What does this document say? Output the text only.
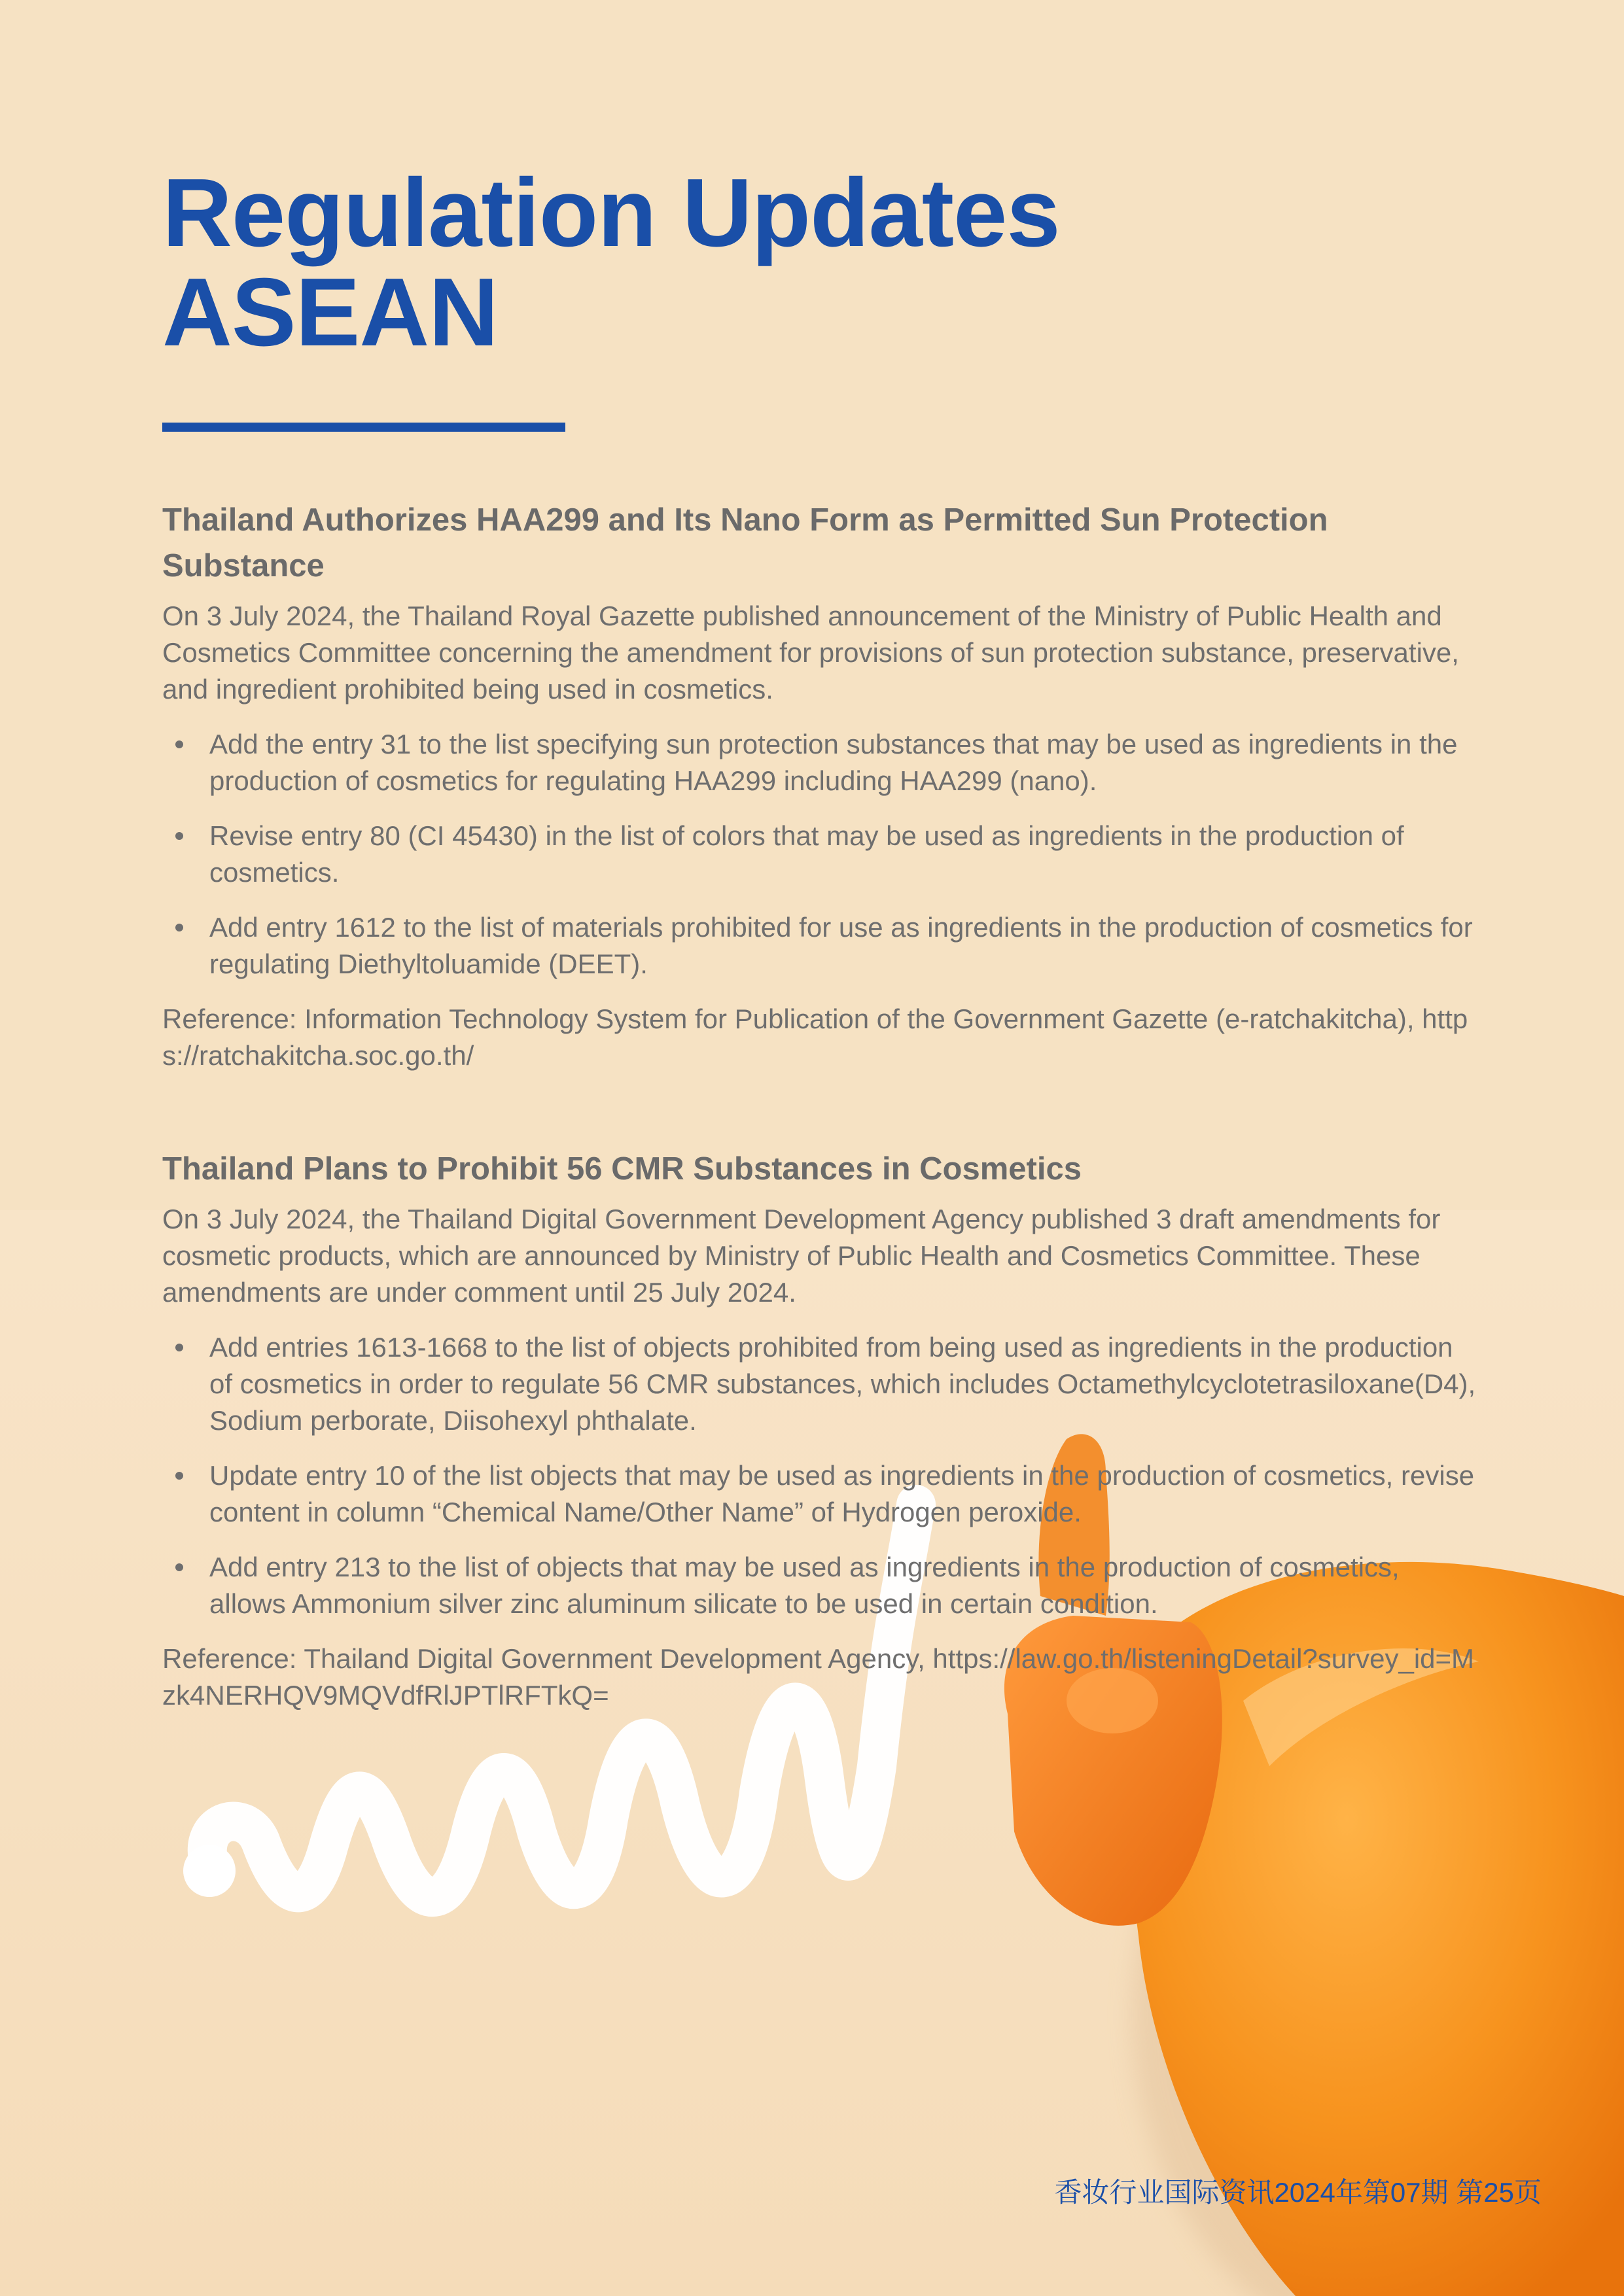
Regulation Updates
ASEAN
Thailand Authorizes HAA299 and Its Nano Form as Permitted Sun Protection Substance

On 3 July 2024, the Thailand Royal Gazette published announcement of the Ministry of Public Health and Cosmetics Committee concerning the amendment for provisions of sun protection substance, preservative, and ingredient prohibited being used in cosmetics.

Add the entry 31 to the list specifying sun protection substances that may be used as ingredients in the production of cosmetics for regulating HAA299 including HAA299 (nano).
Revise entry 80 (CI 45430) in the list of colors that may be used as ingredients in the production of cosmetics.
Add entry 1612 to the list of materials prohibited for use as ingredients in the production of cosmetics for regulating Diethyltoluamide (DEET).

Reference: Information Technology System for Publication of the Government Gazette (e-ratchakitcha), https://ratchakitcha.soc.go.th/

Thailand Plans to Prohibit 56 CMR Substances in Cosmetics

On 3 July 2024, the Thailand Digital Government Development Agency published 3 draft amendments for cosmetic products, which are announced by Ministry of Public Health and Cosmetics Committee. These amendments are under comment until 25 July 2024.

Add entries 1613-1668 to the list of objects prohibited from being used as ingredients in the production of cosmetics in order to regulate 56 CMR substances, which includes Octamethylcyclotetrasiloxane(D4), Sodium perborate, Diisohexyl phthalate.
Update entry 10 of the list objects that may be used as ingredients in the production of cosmetics, revise content in column “Chemical Name/Other Name” of Hydrogen peroxide.
Add entry 213 to the list of objects that may be used as ingredients in the production of cosmetics, allows Ammonium silver zinc aluminum silicate to be used in certain condition.

Reference: Thailand Digital Government Development Agency, https://law.go.th/listeningDetail?survey_id=Mzk4NERHQV9MQVdfRlJPTlRFTkQ=

香妆行业国际资讯2024年第07期 第25页
